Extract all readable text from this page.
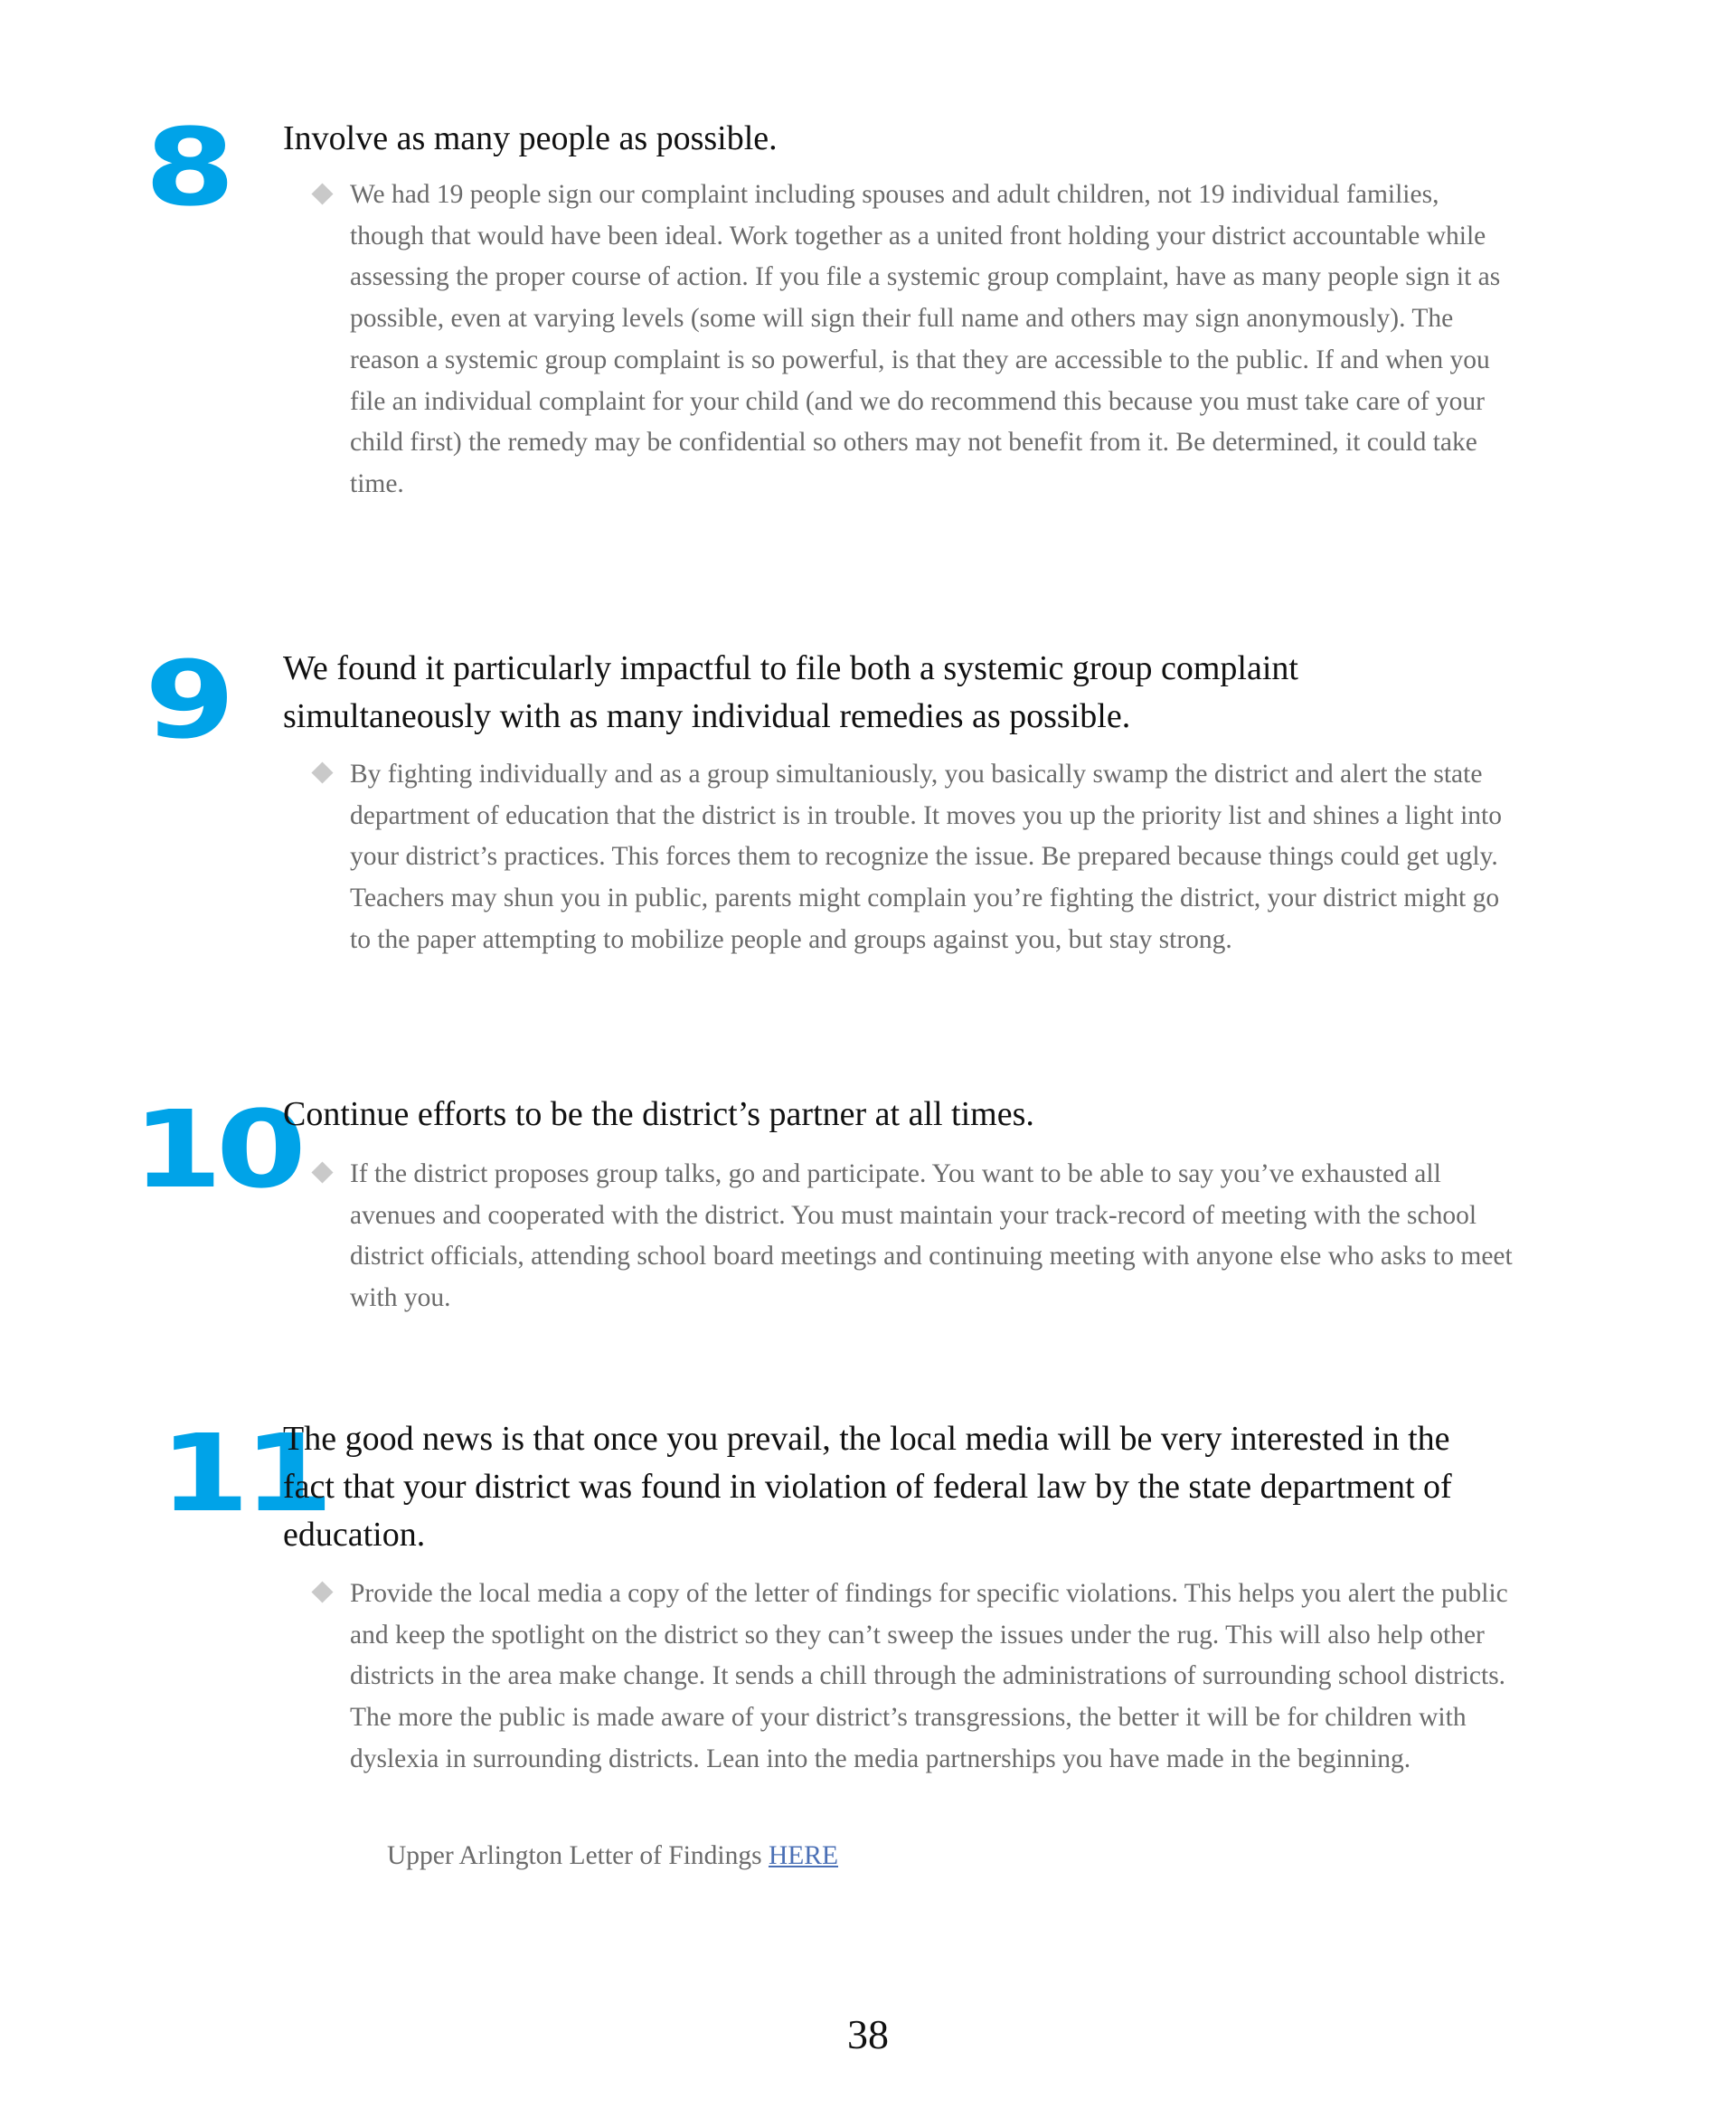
8 Involve as many people as possible.

We had 19 people sign our complaint including spouses and adult children, not 19 individual families, though that would have been ideal. Work together as a united front holding your district accountable while assessing the proper course of action. If you file a systemic group complaint, have as many people sign it as possible, even at varying levels (some will sign their full name and others may sign anonymously). The reason a systemic group complaint is so powerful, is that they are accessible to the public. If and when you file an individual complaint for your child (and we do recommend this because you must take care of your child first) the remedy may be confidential so others may not benefit from it. Be determined, it could take time.

9 We found it particularly impactful to file both a systemic group complaint simultaneously with as many individual remedies as possible.

By fighting individually and as a group simultaniously, you basically swamp the district and alert the state department of education that the district is in trouble. It moves you up the priority list and shines a light into your district’s practices. This forces them to recognize the issue. Be prepared because things could get ugly. Teachers may shun you in public, parents might complain you’re fighting the district, your district might go to the paper attempting to mobilize people and groups against you, but stay strong.

10
Continue efforts to be the district’s partner at all times.

If the district proposes group talks, go and participate. You want to be able to say you’ve exhausted all avenues and cooperated with the district. You must maintain your track-record of meeting with the school district officials, attending school board meetings and continuing meeting with anyone else who asks to meet with you.

11
The good news is that once you prevail, the local media will be very interested in the fact that your district was found in violation of federal law by the state department of education.

Provide the local media a copy of the letter of findings for specific violations. This helps you alert the public and keep the spotlight on the district so they can’t sweep the issues under the rug. This will also help other districts in the area make change. It sends a chill through the administrations of surrounding school districts. The more the public is made aware of your district’s transgressions, the better it will be for children with dyslexia in surrounding districts. Lean into the media partnerships you have made in the beginning.

Upper Arlington Letter of Findings HERE
38
